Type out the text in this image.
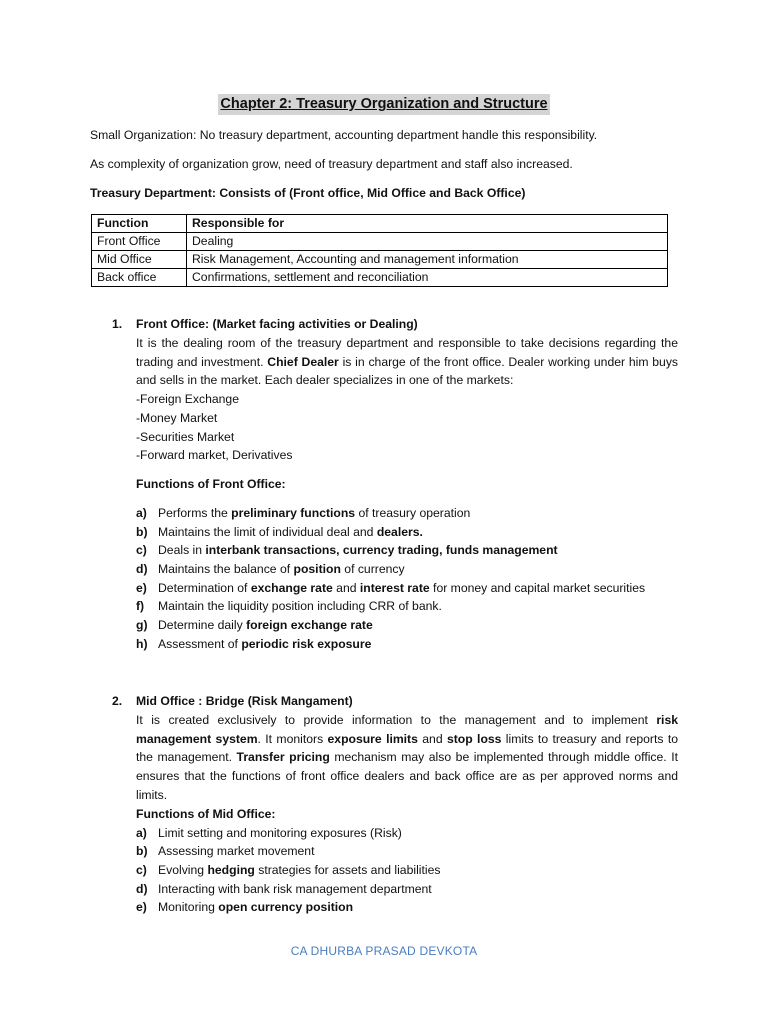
Chapter 2: Treasury Organization and Structure
Small Organization: No treasury department, accounting department handle this responsibility.
As complexity of organization grow, need of treasury department and staff also increased.
Treasury Department: Consists of (Front office, Mid Office and Back Office)
Function	Responsible for
Front Office	Dealing
Mid Office	Risk Management, Accounting and management information
Back office	Confirmations, settlement and reconciliation
1. Front Office: (Market facing activities or Dealing)
It is the dealing room of the treasury department and responsible to take decisions regarding the trading and investment. Chief Dealer is in charge of the front office. Dealer working under him buys and sells in the market. Each dealer specializes in one of the markets:
-Foreign Exchange
-Money Market
-Securities Market
-Forward market, Derivatives
Functions of Front Office:
a) Performs the preliminary functions of treasury operation
b) Maintains the limit of individual deal and dealers.
c) Deals in interbank transactions, currency trading, funds management
d) Maintains the balance of position of currency
e) Determination of exchange rate and interest rate for money and capital market securities
f) Maintain the liquidity position including CRR of bank.
g) Determine daily foreign exchange rate
h) Assessment of periodic risk exposure
2. Mid Office : Bridge (Risk Mangament)
It is created exclusively to provide information to the management and to implement risk management system. It monitors exposure limits and stop loss limits to treasury and reports to the management. Transfer pricing mechanism may also be implemented through middle office. It ensures that the functions of front office dealers and back office are as per approved norms and limits.
Functions of Mid Office:
a) Limit setting and monitoring exposures (Risk)
b) Assessing market movement
c) Evolving hedging strategies for assets and liabilities
d) Interacting with bank risk management department
e) Monitoring open currency position
CA DHURBA PRASAD DEVKOTA
